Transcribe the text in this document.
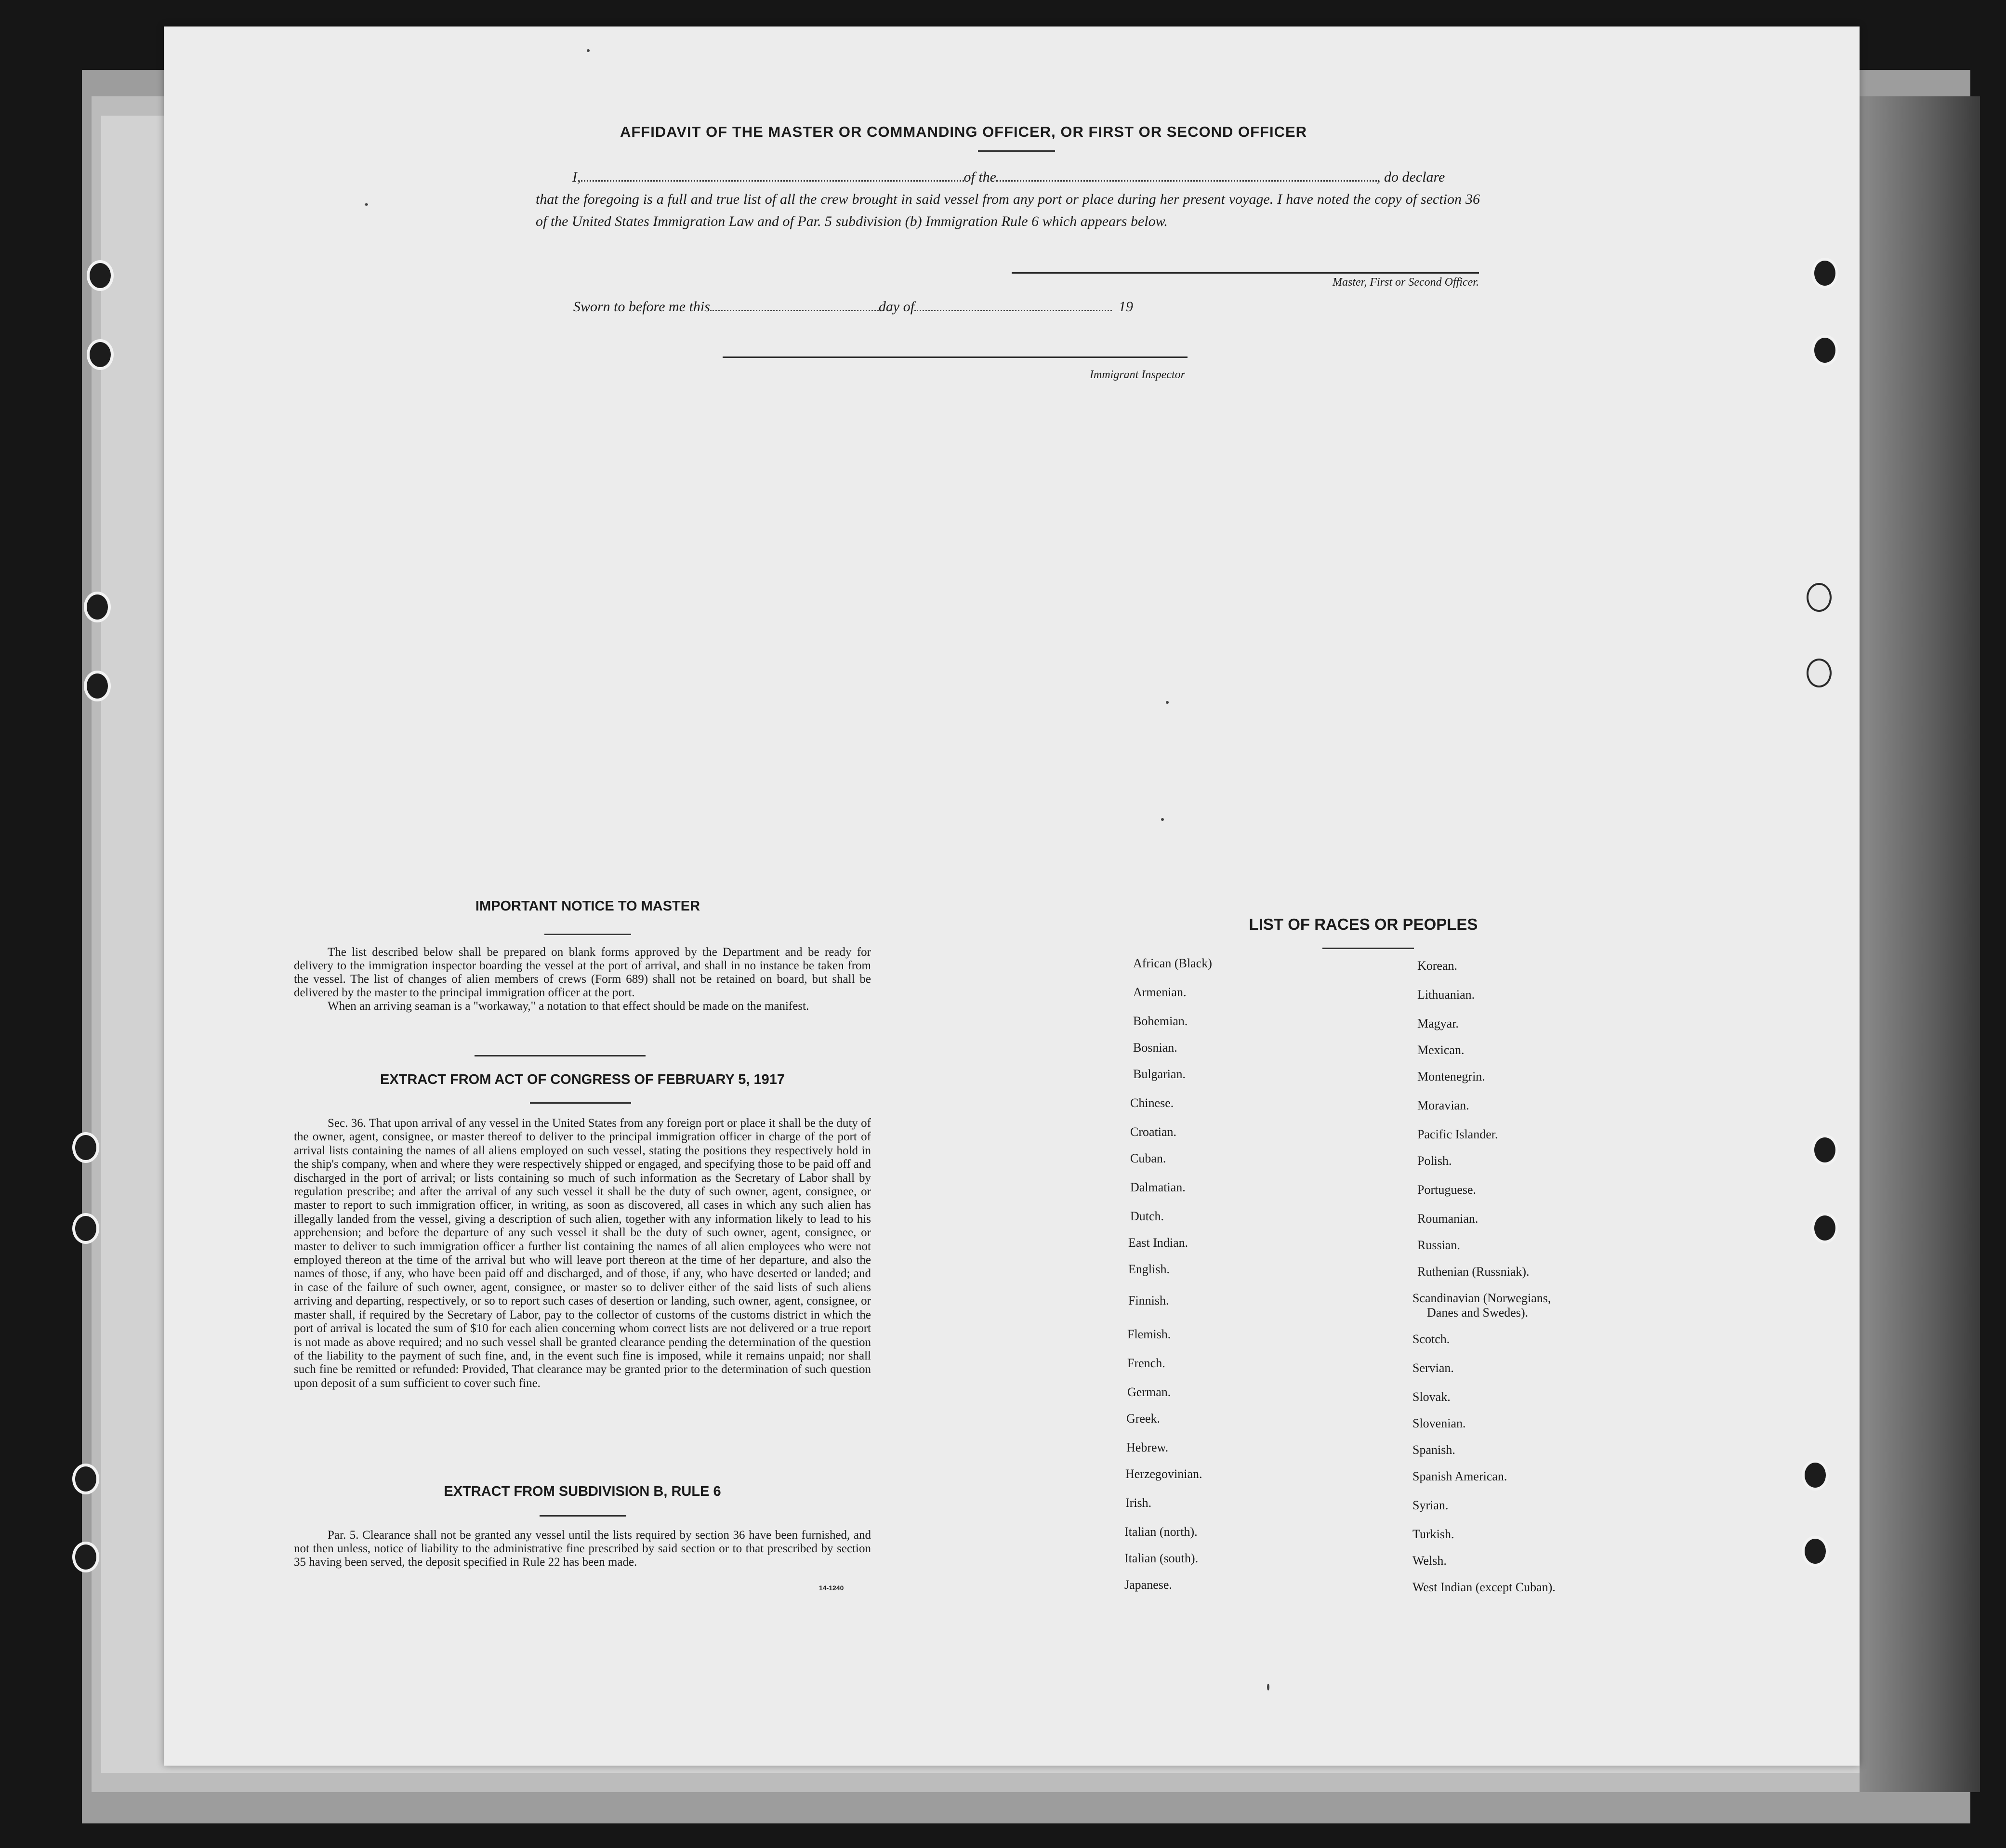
AFFIDAVIT OF THE MASTER OR COMMANDING OFFICER, OR FIRST OR SECOND OFFICER
I,	of the	, do declare
that the foregoing is a full and true list of all the crew brought in said vessel from any port or place during her present voyage. I have noted the copy of section 36 of the United States Immigration Law and of Par. 5 subdivision (b) Immigration Rule 6 which appears below.
Master, First or Second Officer.
Sworn to before me this	day of	19
Immigrant Inspector
IMPORTANT NOTICE TO MASTER

The list described below shall be prepared on blank forms approved by the Department and be ready for delivery to the immigration inspector boarding the vessel at the port of arrival, and shall in no instance be taken from the vessel. The list of changes of alien members of crews (Form 689) shall not be retained on board, but shall be delivered by the master to the principal immigration officer at the port.

When an arriving seaman is a "workaway," a notation to that effect should be made on the manifest.

EXTRACT FROM ACT OF CONGRESS OF FEBRUARY 5, 1917

Sec. 36. That upon arrival of any vessel in the United States from any foreign port or place it shall be the duty of the owner, agent, consignee, or master thereof to deliver to the principal immigration officer in charge of the port of arrival lists containing the names of all aliens employed on such vessel, stating the positions they respectively hold in the ship's company, when and where they were respectively shipped or engaged, and specifying those to be paid off and discharged in the port of arrival; or lists containing so much of such information as the Secretary of Labor shall by regulation prescribe; and after the arrival of any such vessel it shall be the duty of such owner, agent, consignee, or master to report to such immigration officer, in writing, as soon as discovered, all cases in which any such alien has illegally landed from the vessel, giving a description of such alien, together with any information likely to lead to his apprehension; and before the departure of any such vessel it shall be the duty of such owner, agent, consignee, or master to deliver to such immigration officer a further list containing the names of all alien employees who were not employed thereon at the time of the arrival but who will leave port thereon at the time of her departure, and also the names of those, if any, who have been paid off and discharged, and of those, if any, who have deserted or landed; and in case of the failure of such owner, agent, consignee, or master so to deliver either of the said lists of such aliens arriving and departing, respectively, or so to report such cases of desertion or landing, such owner, agent, consignee, or master shall, if required by the Secretary of Labor, pay to the collector of customs of the customs district in which the port of arrival is located the sum of $10 for each alien concerning whom correct lists are not delivered or a true report is not made as above required; and no such vessel shall be granted clearance pending the determination of the question of the liability to the payment of such fine, and, in the event such fine is imposed, while it remains unpaid; nor shall such fine be remitted or refunded: Provided, That clearance may be granted prior to the determination of such question upon deposit of a sum sufficient to cover such fine.

EXTRACT FROM SUBDIVISION B, RULE 6

Par. 5. Clearance shall not be granted any vessel until the lists required by section 36 have been furnished, and not then unless, notice of liability to the administrative fine prescribed by said section or to that prescribed by section 35 having been served, the deposit specified in Rule 22 has been made.

14-1240
LIST OF RACES OR PEOPLES
African (Black)
Armenian.
Bohemian.
Bosnian.
Bulgarian.
Chinese.
Croatian.
Cuban.
Dalmatian.
Dutch.
East Indian.
English.
Finnish.
Flemish.
French.
German.
Greek.
Hebrew.
Herzegovinian.
Irish.
Italian (north).
Italian (south).
Japanese.
Korean.
Lithuanian.
Magyar.
Mexican.
Montenegrin.
Moravian.
Pacific Islander.
Polish.
Portuguese.
Roumanian.
Russian.
Ruthenian (Russniak).
Scandinavian (Norwegians,
Danes and Swedes).
Scotch.
Servian.
Slovak.
Slovenian.
Spanish.
Spanish American.
Syrian.
Turkish.
Welsh.
West Indian (except Cuban).
